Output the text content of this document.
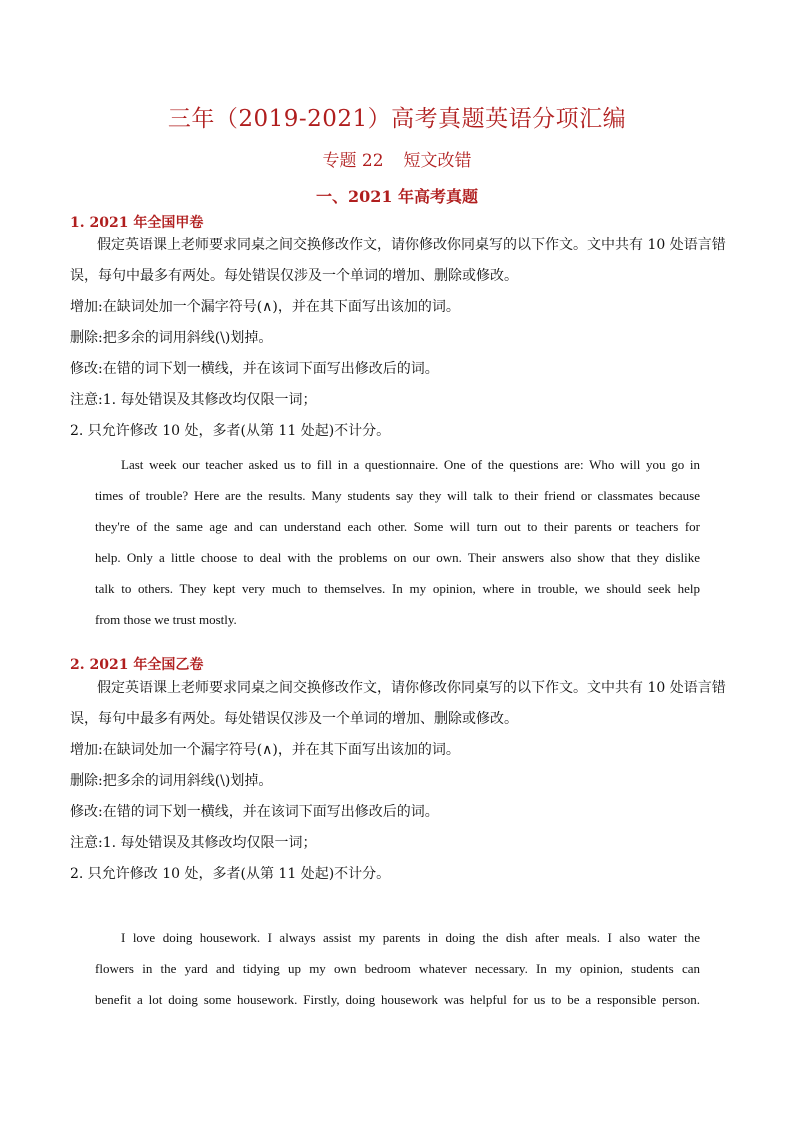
三年（2019-2021）高考真题英语分项汇编
专题 22 短文改错
一、2021 年高考真题
1. 2021 年全国甲卷
假定英语课上老师要求同桌之间交换修改作文，请你修改你同桌写的以下作文。文中共有 10 处语言错
误，每句中最多有两处。每处错误仅涉及一个单词的增加、删除或修改。
增加:在缺词处加一个漏字符号(∧)，并在其下面写出该加的词。
删除:把多余的词用斜线(\)划掉。
修改:在错的词下划一横线，并在该词下面写出修改后的词。
注意:1. 每处错误及其修改均仅限一词；
2. 只允许修改 10 处，多者(从第 11 处起)不计分。
Last week our teacher asked us to fill in a questionnaire. One of the questions are: Who will you go in
times of trouble? Here are the results. Many students say they will talk to their friend or classmates because
they're of the same age and can understand each other. Some will turn out to their parents or teachers for
help. Only a little choose to deal with the problems on our own. Their answers also show that they dislike
talk to others. They kept very much to themselves. In my opinion, where in trouble, we should seek help
from those we trust mostly.
2. 2021 年全国乙卷
假定英语课上老师要求同桌之间交换修改作文，请你修改你同桌写的以下作文。文中共有 10 处语言错
误，每句中最多有两处。每处错误仅涉及一个单词的增加、删除或修改。
增加:在缺词处加一个漏字符号(∧)，并在其下面写出该加的词。
删除:把多余的词用斜线(\)划掉。
修改:在错的词下划一横线，并在该词下面写出修改后的词。
注意:1. 每处错误及其修改均仅限一词；
2. 只允许修改 10 处，多者(从第 11 处起)不计分。
I love doing housework. I always assist my parents in doing the dish after meals. I also water the
flowers in the yard and tidying up my own bedroom whatever necessary. In my opinion, students can
benefit a lot doing some housework. Firstly, doing housework was helpful for us to be a responsible person.
